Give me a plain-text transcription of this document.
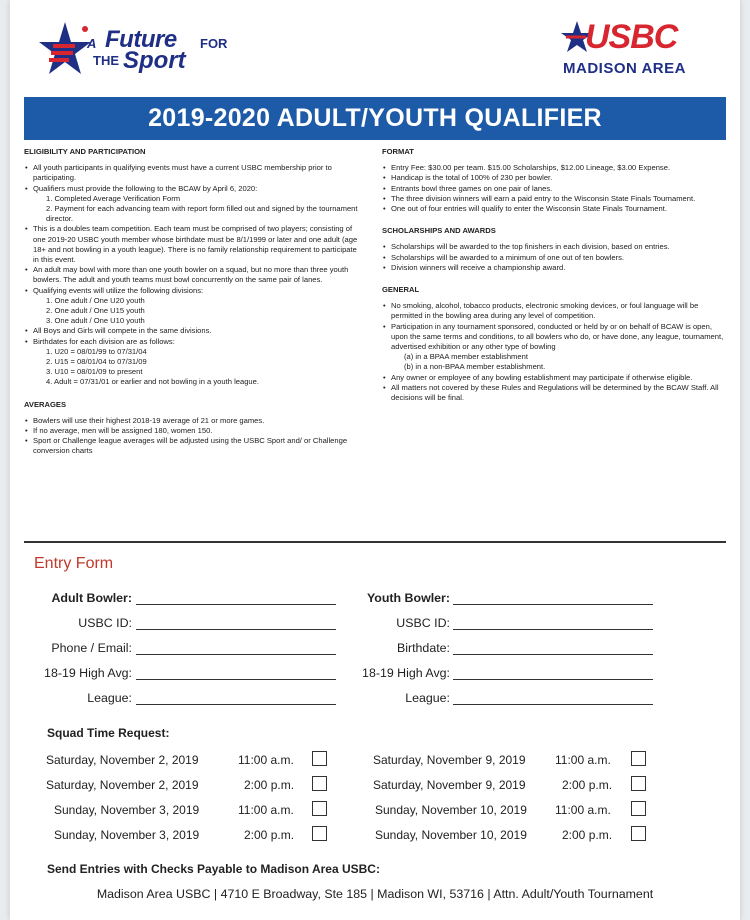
A Future FOR
THE Sport
USBC
MADISON AREA
2019-2020 ADULT/YOUTH QUALIFIER
ELIGIBILITY AND PARTICIPATION
• All youth participants in qualifying events must have a current USBC membership prior to participating.
• Qualifiers must provide the following to the BCAW by April 6, 2020:
1. Completed Average Verification Form
2. Payment for each advancing team with report form filled out and signed by the tournament director.
• This is a doubles team competition. Each team must be comprised of two players; consisting of one 2019-20 USBC youth member whose birthdate must be 8/1/1999 or later and one adult (age 18+ and not bowling in a youth league). There is no family relationship requirement to participate in this event.
• An adult may bowl with more than one youth bowler on a squad, but no more than three youth bowlers. The adult and youth teams must bowl concurrently on the same pair of lanes.
• Qualifying events will utilize the following divisions:
1. One adult / One U20 youth
2. One adult / One U15 youth
3. One adult / One U10 youth
• All Boys and Girls will compete in the same divisions.
• Birthdates for each division are as follows:
1. U20 = 08/01/99 to 07/31/04
2. U15 = 08/01/04 to 07/31/09
3. U10 = 08/01/09 to present
4. Adult = 07/31/01 or earlier and not bowling in a youth league.
AVERAGES
• Bowlers will use their highest 2018-19 average of 21 or more games.
• If no average, men will be assigned 180, women 150.
• Sport or Challenge league averages will be adjusted using the USBC Sport and/ or Challenge conversion charts
FORMAT
• Entry Fee: $30.00 per team. $15.00 Scholarships, $12.00 Lineage, $3.00 Expense.
• Handicap is the total of 100% of 230 per bowler.
• Entrants bowl three games on one pair of lanes.
• The three division winners will earn a paid entry to the Wisconsin State Finals Tournament.
• One out of four entries will qualify to enter the Wisconsin State Finals Tournament.
SCHOLARSHIPS AND AWARDS
• Scholarships will be awarded to the top finishers in each division, based on entries.
• Scholarships will be awarded to a minimum of one out of ten bowlers.
• Division winners will receive a championship award.
GENERAL
• No smoking, alcohol, tobacco products, electronic smoking devices, or foul language will be permitted in the bowling area during any level of competition.
• Participation in any tournament sponsored, conducted or held by or on behalf of BCAW is open, upon the same terms and conditions, to all bowlers who do, or have done, any league, tournament, advertised exhibition or any other type of bowling
(a) in a BPAA member establishment
(b) in a non-BPAA member establishment.
• Any owner or employee of any bowling establishment may participate if otherwise eligible.
• All matters not covered by these Rules and Regulations will be determined by the BCAW Staff. All decisions will be final.
Entry Form
Adult Bowler:
USBC ID:
Phone / Email:
18-19 High Avg:
League:
Youth Bowler:
USBC ID:
Birthdate:
18-19 High Avg:
League:
Squad Time Request:
Saturday, November 2, 2019	11:00 a.m.
Saturday, November 2, 2019	2:00 p.m.
Sunday, November 3, 2019	11:00 a.m.
Sunday, November 3, 2019	2:00 p.m.
Saturday, November 9, 2019 11:00 a.m.
Saturday, November 9, 2019	2:00 p.m.
Sunday, November 10, 2019 11:00 a.m.
Sunday, November 10, 2019	2:00 p.m.
Send Entries with Checks Payable to Madison Area USBC:
Madison Area USBC | 4710 E Broadway, Ste 185 | Madison WI, 53716 | Attn. Adult/Youth Tournament
